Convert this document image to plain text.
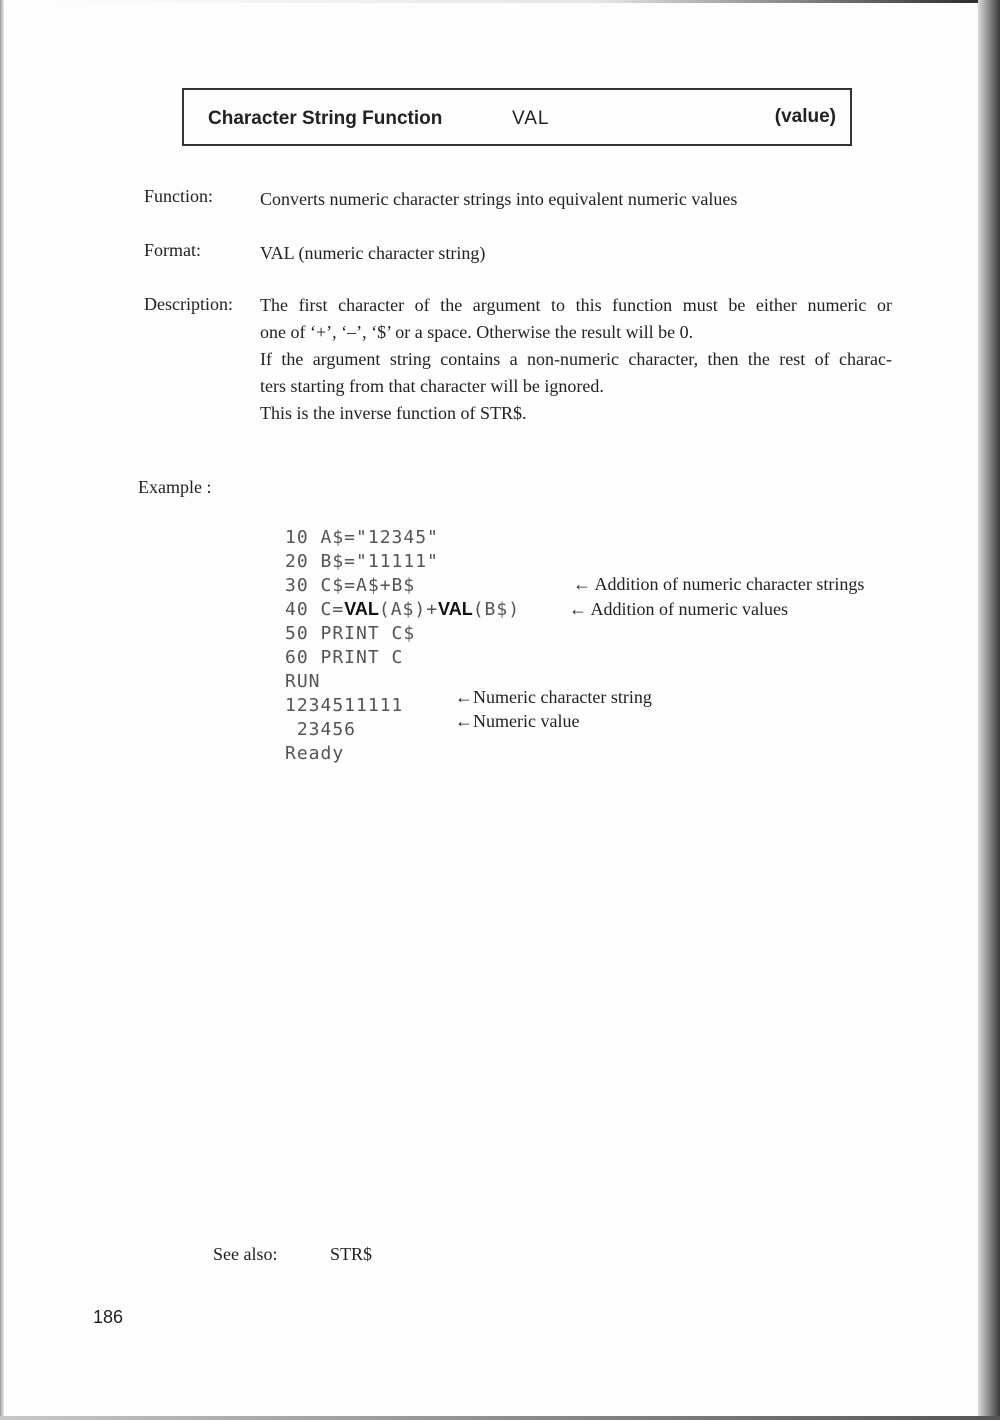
Character String Function	VAL	(value)
Function:	Converts numeric character strings into equivalent numeric values
Format:	VAL (numeric character string)
Description: The first character of the argument to this function must be either numeric or
one of ‘+’, ‘–’, ‘$’ or a space. Otherwise the result will be 0.
If the argument string contains a non-numeric character, then the rest of charac-
ters starting from that character will be ignored.
This is the inverse function of STR$.
Example :
10 A$="12345"
20 B$="11111"
30 C$=A$+B$
40 C=VAL(A$)+VAL(B$)
50 PRINT C$
60 PRINT C
RUN
1234511111
23456
Ready
← Addition of numeric character strings
← Addition of numeric values
←Numeric character string
←Numeric value
See also:	STR$
186
